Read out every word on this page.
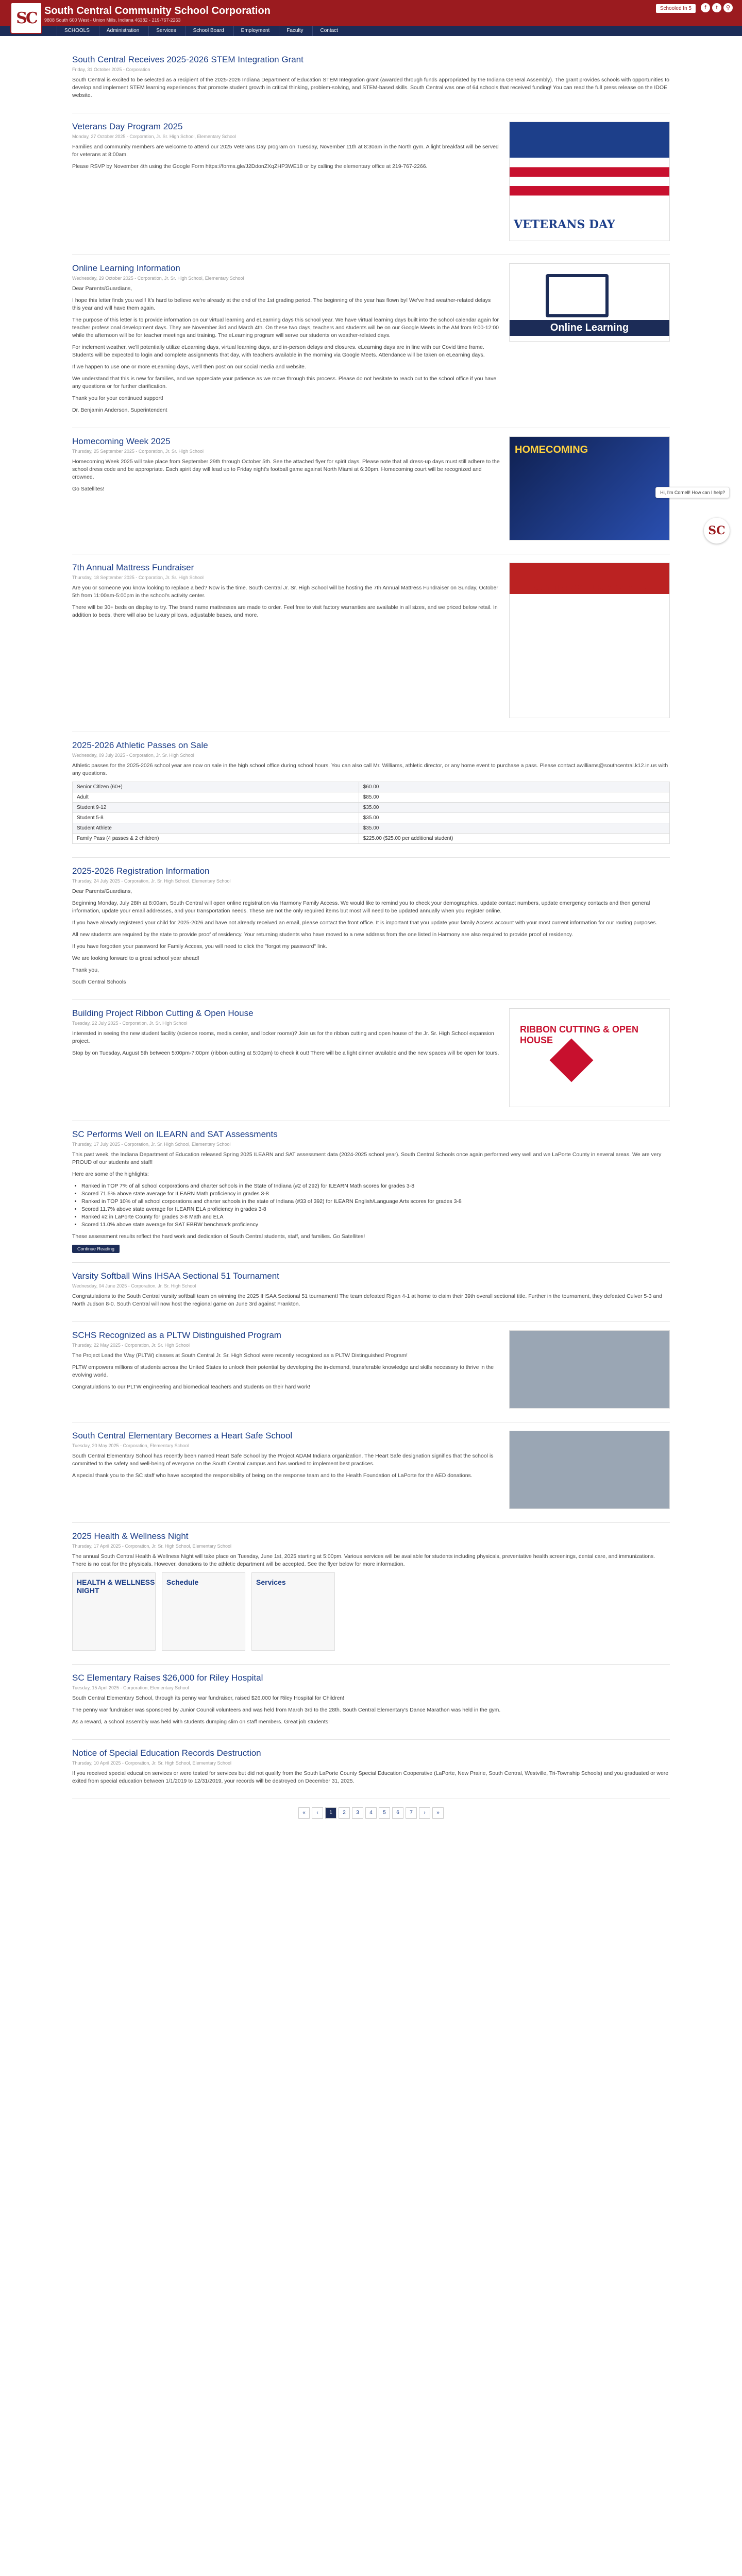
SC South Central Community School Corporation
9808 South 600 West - Union Mills, Indiana 46382 - 219-767-2263
Schooled In 5	f	t	⚲
SCHOOLS	Administration	Services	School Board	Employment	Faculty	Contact
South Central Receives 2025-2026 STEM Integration Grant
Friday, 31 October 2025 - Corporation

South Central is excited to be selected as a recipient of the 2025-2026 Indiana Department of Education STEM Integration grant (awarded through funds appropriated by the Indiana General Assembly). The grant provides schools with opportunities to develop and implement STEM learning experiences that promote student growth in critical thinking, problem-solving, and STEM-based skills. South Central was one of 64 schools that received funding! You can read the full press release on the IDOE website.

Veterans Day Program 2025
Monday, 27 October 2025 - Corporation, Jr. Sr. High School, Elementary School

Families and community members are welcome to attend our 2025 Veterans Day program on Tuesday, November 11th at 8:30am in the North gym. A light breakfast will be served for veterans at 8:00am.

Please RSVP by November 4th using the Google Form https://forms.gle/J2DdonZXqZHP3WE18 or by calling the elementary office at 219-767-2266.

VETERANS DAY
Online Learning Information
Wednesday, 29 October 2025 - Corporation, Jr. Sr. High School, Elementary School

Dear Parents/Guardians,

I hope this letter finds you well! It's hard to believe we're already at the end of the 1st grading period. The beginning of the year has flown by! We've had weather-related delays this year and will have them again.

The purpose of this letter is to provide information on our virtual learning and eLearning days this school year. We have virtual learning days built into the school calendar again for teacher professional development days. They are November 3rd and March 4th. On these two days, teachers and students will be on our Google Meets in the AM from 9:00-12:00 while the afternoon will be for teacher meetings and training. The eLearning program will serve our students on weather-related days.

For inclement weather, we'll potentially utilize eLearning days, virtual learning days, and in-person delays and closures. eLearning days are in line with our Covid time frame. Students will be expected to login and complete assignments that day, with teachers available in the morning via Google Meets. Attendance will be taken on eLearning days.

If we happen to use one or more eLearning days, we'll then post on our social media and website.

We understand that this is new for families, and we appreciate your patience as we move through this process. Please do not hesitate to reach out to the school office if you have any questions or for further clarification.

Thank you for your continued support!

Dr. Benjamin Anderson, Superintendent

Online Learning
Homecoming Week 2025
Thursday, 25 September 2025 - Corporation, Jr. Sr. High School

Homecoming Week 2025 will take place from September 29th through October 5th. See the attached flyer for spirit days. Please note that all dress-up days must still adhere to the school dress code and be appropriate. Each spirit day will lead up to Friday night's football game against North Miami at 6:30pm. Homecoming court will be recognized and crowned.

Go Satellites!

HOMECOMING
7th Annual Mattress Fundraiser
Thursday, 18 September 2025 - Corporation, Jr. Sr. High School

Are you or someone you know looking to replace a bed? Now is the time. South Central Jr. Sr. High School will be hosting the 7th Annual Mattress Fundraiser on Sunday, October 5th from 11:00am-5:00pm in the school's activity center.

There will be 30+ beds on display to try. The brand name mattresses are made to order. Feel free to visit factory warranties are available in all sizes, and we priced below retail. In addition to beds, there will also be luxury pillows, adjustable bases, and more.

MATTRESS FUNDRAISER
2025-2026 Athletic Passes on Sale
Wednesday, 09 July 2025 - Corporation, Jr. Sr. High School

Athletic passes for the 2025-2026 school year are now on sale in the high school office during school hours. You can also call Mr. Williams, athletic director, or any home event to purchase a pass. Please contact awilliams@southcentral.k12.in.us with any questions.

Senior Citizen (60+)	$60.00
Adult	$85.00
Student 9-12	$35.00
Student 5-8	$35.00
Student Athlete	$35.00
Family Pass (4 passes & 2 children)	$225.00 ($25.00 per additional student)
2025-2026 Registration Information
Thursday, 24 July 2025 - Corporation, Jr. Sr. High School, Elementary School

Dear Parents/Guardians,

Beginning Monday, July 28th at 8:00am, South Central will open online registration via Harmony Family Access. We would like to remind you to check your demographics, update contact numbers, update emergency contacts and then general information, update your email addresses, and your transportation needs. These are not the only required items but most will need to be updated annually when you register online.

If you have already registered your child for 2025-2026 and have not already received an email, please contact the front office. It is important that you update your family Access account with your most current information for our routing purposes.

All new students are required by the state to provide proof of residency. Your returning students who have moved to a new address from the one listed in Harmony are also required to provide proof of residency.

If you have forgotten your password for Family Access, you will need to click the "forgot my password" link.

We are looking forward to a great school year ahead!

Thank you,

South Central Schools

Building Project Ribbon Cutting & Open House
Tuesday, 22 July 2025 - Corporation, Jr. Sr. High School

Interested in seeing the new student facility (science rooms, media center, and locker rooms)? Join us for the ribbon cutting and open house of the Jr. Sr. High School expansion project.

Stop by on Tuesday, August 5th between 5:00pm-7:00pm (ribbon cutting at 5:00pm) to check it out! There will be a light dinner available and the new spaces will be open for tours.

RIBBON CUTTING & OPEN HOUSE
SC Performs Well on ILEARN and SAT Assessments
Thursday, 17 July 2025 - Corporation, Jr. Sr. High School, Elementary School

This past week, the Indiana Department of Education released Spring 2025 ILEARN and SAT assessment data (2024-2025 school year). South Central Schools once again performed very well and we LaPorte County in several areas. We are very PROUD of our students and staff!

Here are some of the highlights:

• Ranked in TOP 7% of all school corporations and charter schools in the State of Indiana (#2 of 292) for ILEARN Math scores for grades 3-8
• Scored 71.5% above state average for ILEARN Math proficiency in grades 3-8
• Ranked in TOP 10% of all school corporations and charter schools in the state of Indiana (#33 of 392) for ILEARN English/Language Arts scores for grades 3-8
• Scored 11.7% above state average for ILEARN ELA proficiency in grades 3-8
• Ranked #2 in LaPorte County for grades 3-8 Math and ELA
• Scored 11.0% above state average for SAT EBRW benchmark proficiency

These assessment results reflect the hard work and dedication of South Central students, staff, and families. Go Satellites!

Continue Reading
Varsity Softball Wins IHSAA Sectional 51 Tournament
Wednesday, 04 June 2025 - Corporation, Jr. Sr. High School

Congratulations to the South Central varsity softball team on winning the 2025 IHSAA Sectional 51 tournament! The team defeated Rigan 4-1 at home to claim their 39th overall sectional title. Further in the tournament, they defeated Culver 5-3 and North Judson 8-0. South Central will now host the regional game on June 3rd against Frankton.

SCHS Recognized as a PLTW Distinguished Program
Thursday, 22 May 2025 - Corporation, Jr. Sr. High School

The Project Lead the Way (PLTW) classes at South Central Jr. Sr. High School were recently recognized as a PLTW Distinguished Program!

PLTW empowers millions of students across the United States to unlock their potential by developing the in-demand, transferable knowledge and skills necessary to thrive in the evolving world.

Congratulations to our PLTW engineering and biomedical teachers and students on their hard work!

South Central Elementary Becomes a Heart Safe School
Tuesday, 20 May 2025 - Corporation, Elementary School

South Central Elementary School has recently been named Heart Safe School by the Project ADAM Indiana organization. The Heart Safe designation signifies that the school is committed to the safety and well-being of everyone on the South Central campus and has worked to implement best practices.

A special thank you to the SC staff who have accepted the responsibility of being on the response team and to the Health Foundation of LaPorte for the AED donations.

2025 Health & Wellness Night
Thursday, 17 April 2025 - Corporation, Jr. Sr. High School, Elementary School

The annual South Central Health & Wellness Night will take place on Tuesday, June 1st, 2025 starting at 5:00pm. Various services will be available for students including physicals, preventative health screenings, dental care, and immunizations. There is no cost for the physicals. However, donations to the athletic department will be accepted. See the flyer below for more information.

HEALTH & WELLNESS NIGHT
Schedule	Services
SC Elementary Raises $26,000 for Riley Hospital
Tuesday, 15 April 2025 - Corporation, Elementary School

South Central Elementary School, through its penny war fundraiser, raised $26,000 for Riley Hospital for Children!

The penny war fundraiser was sponsored by Junior Council volunteers and was held from March 3rd to the 28th. South Central Elementary's Dance Marathon was held in the gym.

As a reward, a school assembly was held with students dumping slim on staff members. Great job students!

Notice of Special Education Records Destruction
Thursday, 10 April 2025 - Corporation, Jr. Sr. High School, Elementary School

If you received special education services or were tested for services but did not qualify from the South LaPorte County Special Education Cooperative (LaPorte, New Prairie, South Central, Westville, Tri-Township Schools) and you graduated or were exited from special education between 1/1/2019 to 12/31/2019, your records will be destroyed on December 31, 2025.

«	‹	1	2	3	4	5	6	7	›	»
Hi, I'm Cornell! How can I help?
SC
